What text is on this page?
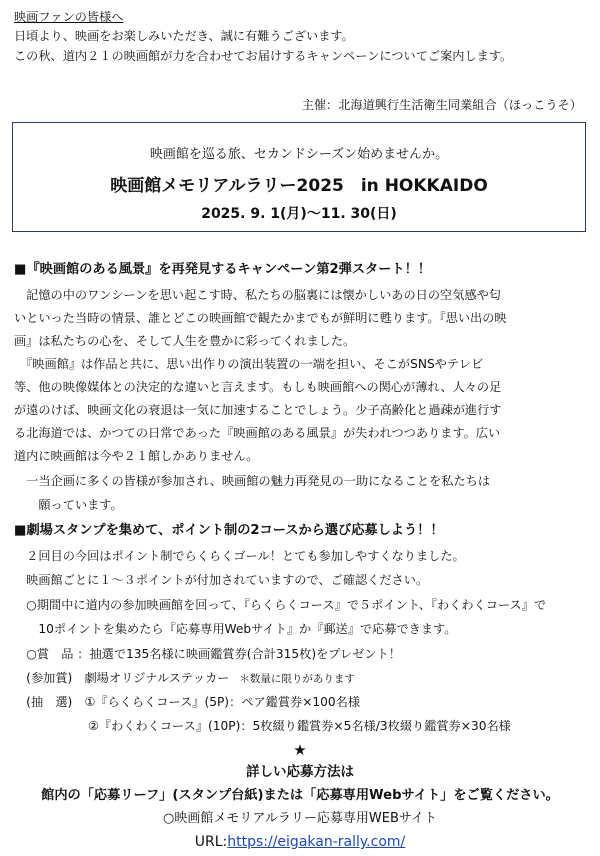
映画ファンの皆様へ
日頃より、映画をお楽しみいただき、誠に有難うございます。
この秋、道内２１の映画館が力を合わせてお届けするキャンペーンについてご案内します。
主催：北海道興行生活衛生同業組合（ほっこうそ）
映画館を巡る旅、セカンドシーズン始めませんか。
映画館メモリアルラリー2025　in HOKKAIDO
2025. 9. 1(月)～11. 30(日)
■『映画館のある風景』を再発見するキャンペーン第2弾スタート！！
　記憶の中のワンシーンを思い起こす時、私たちの脳裏には懐かしいあの日の空気感や匂
いといった当時の情景、誰とどこの映画館で観たかまでもが鮮明に甦ります。『思い出の映
画』は私たちの心を、そして人生を豊かに彩ってくれました。
　『映画館』は作品と共に、思い出作りの演出装置の一端を担い、そこがSNSやテレビ
等、他の映像媒体との決定的な違いと言えます。もしも映画館への関心が薄れ、人々の足
が遠のけば、映画文化の衰退は一気に加速することでしょう。少子高齢化と過疎が進行す
る北海道では、かつての日常であった『映画館のある風景』が失われつつあります。広い
道内に映画館は今や２１館しかありません。
　一当企画に多くの皆様が参加され、映画館の魅力再発見の一助になることを私たちは
　　願っています。
■劇場スタンプを集めて、ポイント制の2コースから選び応募しよう！！
　２回目の今回はポイント制でらくらくゴール！とても参加しやすくなりました。
　映画館ごとに１～３ポイントが付加されていますので、ご確認ください。
　○期間中に道内の参加映画館を回って、『らくらくコース』で５ポイント、『わくわくコース』で
　　10ポイントを集めたら『応募専用Webサイト』か『郵送』で応募できます。
　○賞　品 ：抽選で135名様に映画鑑賞券(合計315枚)をプレゼント！
　(参加賞)　劇場オリジナルステッカー ＊数量に限りがあります
　(抽　選)　①『らくらくコース』(5P)：ペア鑑賞券×100名様
②『わくわくコース』(10P)：5枚綴り鑑賞券×5名様/3枚綴り鑑賞券×30名様
★
詳しい応募方法は
館内の「応募リーフ」(スタンプ台紙)または「応募専用Webサイト」をご覧ください。
○映画館メモリアルラリー応募専用WEBサイト
URL:https://eigakan-rally.com/
